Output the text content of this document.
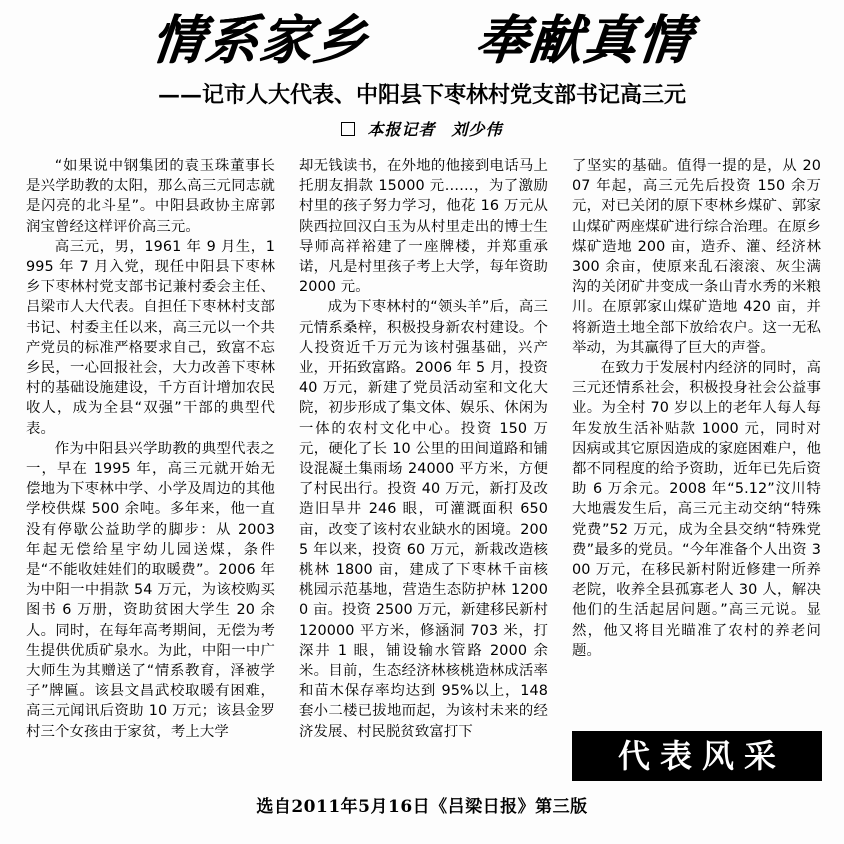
情系家乡　　奉献真情
——记市人大代表、中阳县下枣林村党支部书记高三元
本报记者 刘少伟

“如果说中钢集团的袁玉珠董事长是兴学助教的太阳，那么高三元同志就是闪亮的北斗星”。中阳县政协主席郭润宝曾经这样评价高三元。

高三元，男，1961 年 9 月生，1995 年 7 月入党，现任中阳县下枣林乡下枣林村党支部书记兼村委会主任、吕梁市人大代表。自担任下枣林村支部书记、村委主任以来，高三元以一个共产党员的标准严格要求自己，致富不忘乡民，一心回报社会，大力改善下枣林村的基础设施建设，千方百计增加农民收人，成为全县“双强”干部的典型代表。

作为中阳县兴学助教的典型代表之一，早在 1995 年，高三元就开始无偿地为下枣林中学、小学及周边的其他学校供煤 500 余吨。多年来，他一直没有停歇公益助学的脚步：从 2003 年起无偿给星宇幼儿园送煤，条件是“不能收娃娃们的取暖费”。2006 年为中阳一中捐款 54 万元，为该校购买图书 6 万册，资助贫困大学生 20 余人。同时，在每年高考期间，无偿为考生提供优质矿泉水。为此，中阳一中广大师生为其赠送了“情系教育，泽被学子”牌匾。该县文昌武校取暖有困难，高三元闻讯后资助 10 万元；该县金罗村三个女孩由于家贫，考上大学

却无钱读书，在外地的他接到电话马上托朋友捐款 15000 元……，为了激励村里的孩子努力学习，他花 16 万元从陕西拉回汉白玉为从村里走出的博士生导师高祥裕建了一座牌楼，并郑重承诺，凡是村里孩子考上大学，每年资助 2000 元。

成为下枣林村的“领头羊”后，高三元情系桑梓，积极投身新农村建设。个人投资近千万元为该村强基础，兴产业，开拓致富路。2006 年 5 月，投资 40 万元，新建了党员活动室和文化大院，初步形成了集文体、娱乐、休闲为一体的农村文化中心。投资 150 万元，硬化了长 10 公里的田间道路和铺设混凝土集雨场 24000 平方米，方便了村民出行。投资 40 万元，新打及改造旧旱井 246 眼，可灌溉面积 650 亩，改变了该村农业缺水的困境。2005 年以来，投资 60 万元，新栽改造核桃林 1800 亩，建成了下枣林千亩核桃园示范基地，营造生态防护林 12000 亩。投资 2500 万元，新建移民新村 120000 平方米，修涵洞 703 米，打深井 1 眼，铺设输水管路 2000 余米。目前，生态经济林核桃造林成活率和苗木保存率均达到 95%以上，148 套小二楼已拔地而起，为该村未来的经济发展、村民脱贫致富打下

了坚实的基础。值得一提的是，从 2007 年起，高三元先后投资 150 余万元，对已关闭的原下枣林乡煤矿、郭家山煤矿两座煤矿进行综合治理。在原乡煤矿造地 200 亩，造乔、灌、经济林 300 余亩，使原来乱石滚滚、灰尘满沟的关闭矿井变成一条山青水秀的米粮川。在原郭家山煤矿造地 420 亩，并将新造土地全部下放给农户。这一无私举动，为其赢得了巨大的声誉。

在致力于发展村内经济的同时，高三元还情系社会，积极投身社会公益事业。为全村 70 岁以上的老年人每人每年发放生活补贴款 1000 元，同时对因病或其它原因造成的家庭困难户，他都不同程度的给予资助，近年已先后资助 6 万余元。2008 年“5.12”汶川特大地震发生后，高三元主动交纳“特殊党费”52 万元，成为全县交纳“特殊党费”最多的党员。“今年准备个人出资 300 万元，在移民新村附近修建一所养老院，收养全县孤寡老人 30 人，解决他们的生活起居问题。”高三元说。显然，他又将目光瞄准了农村的养老问题。

代表风采
选自2011年5月16日《吕梁日报》第三版
